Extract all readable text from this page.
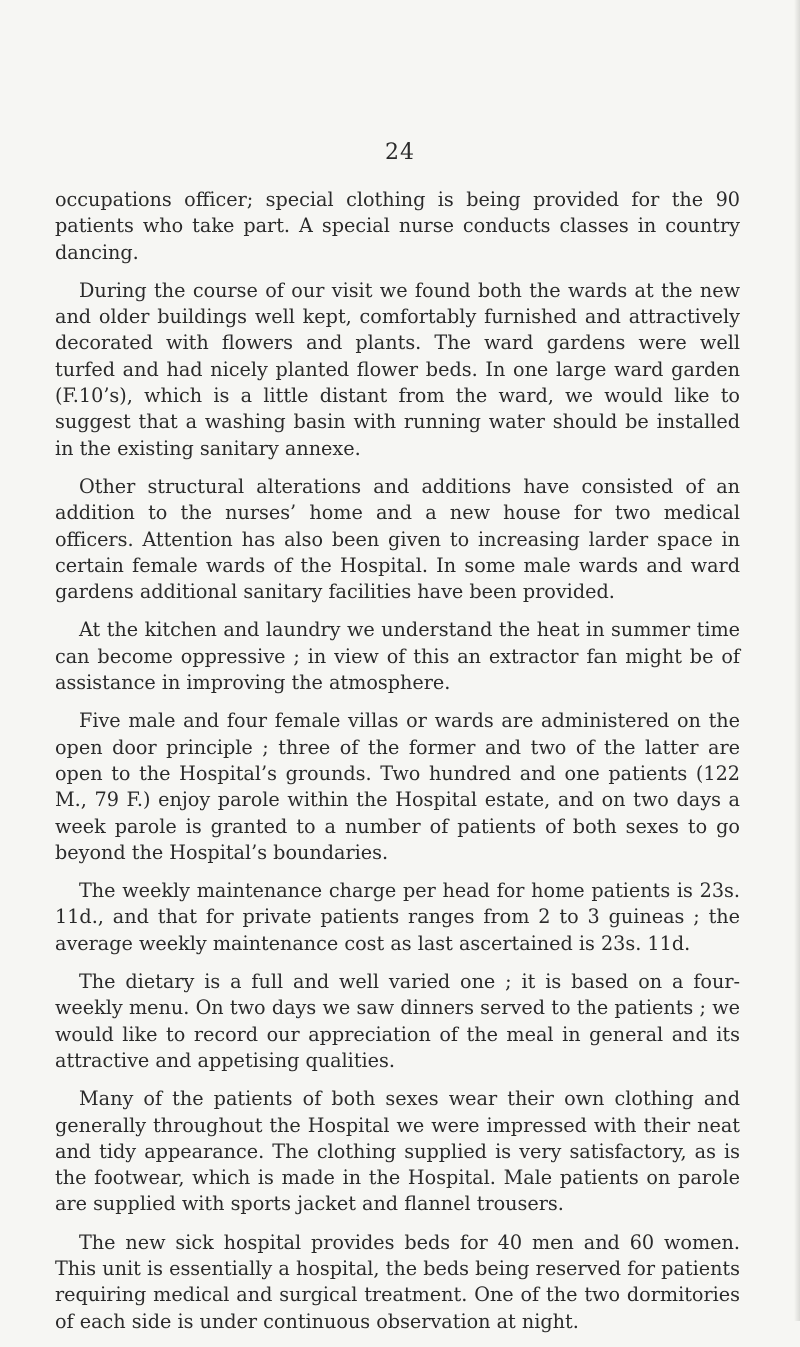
24

occupations officer; special clothing is being provided for the 90 patients who take part. A special nurse conducts classes in country dancing.

During the course of our visit we found both the wards at the new and older buildings well kept, comfortably furnished and attractively decorated with flowers and plants. The ward gardens were well turfed and had nicely planted flower beds. In one large ward garden (F.10’s), which is a little distant from the ward, we would like to suggest that a washing basin with running water should be installed in the existing sanitary annexe.

Other structural alterations and additions have consisted of an addition to the nurses’ home and a new house for two medical officers. Attention has also been given to increasing larder space in certain female wards of the Hospital. In some male wards and ward gardens additional sanitary facilities have been provided.

At the kitchen and laundry we understand the heat in summer time can become oppressive ; in view of this an extractor fan might be of assistance in improving the atmosphere.

Five male and four female villas or wards are administered on the open door principle ; three of the former and two of the latter are open to the Hospital’s grounds. Two hundred and one patients (122 M., 79 F.) enjoy parole within the Hospital estate, and on two days a week parole is granted to a number of patients of both sexes to go beyond the Hospital’s boundaries.

The weekly maintenance charge per head for home patients is 23s. 11d., and that for private patients ranges from 2 to 3 guineas ; the average weekly maintenance cost as last ascertained is 23s. 11d.

The dietary is a full and well varied one ; it is based on a four-weekly menu. On two days we saw dinners served to the patients ; we would like to record our appreciation of the meal in general and its attractive and appetising qualities.

Many of the patients of both sexes wear their own clothing and generally throughout the Hospital we were impressed with their neat and tidy appearance. The clothing supplied is very satisfactory, as is the footwear, which is made in the Hospital. Male patients on parole are supplied with sports jacket and flannel trousers.

The new sick hospital provides beds for 40 men and 60 women. This unit is essentially a hospital, the beds being reserved for patients requiring medical and surgical treatment. One of the two dormitories of each side is under continuous observation at night.
